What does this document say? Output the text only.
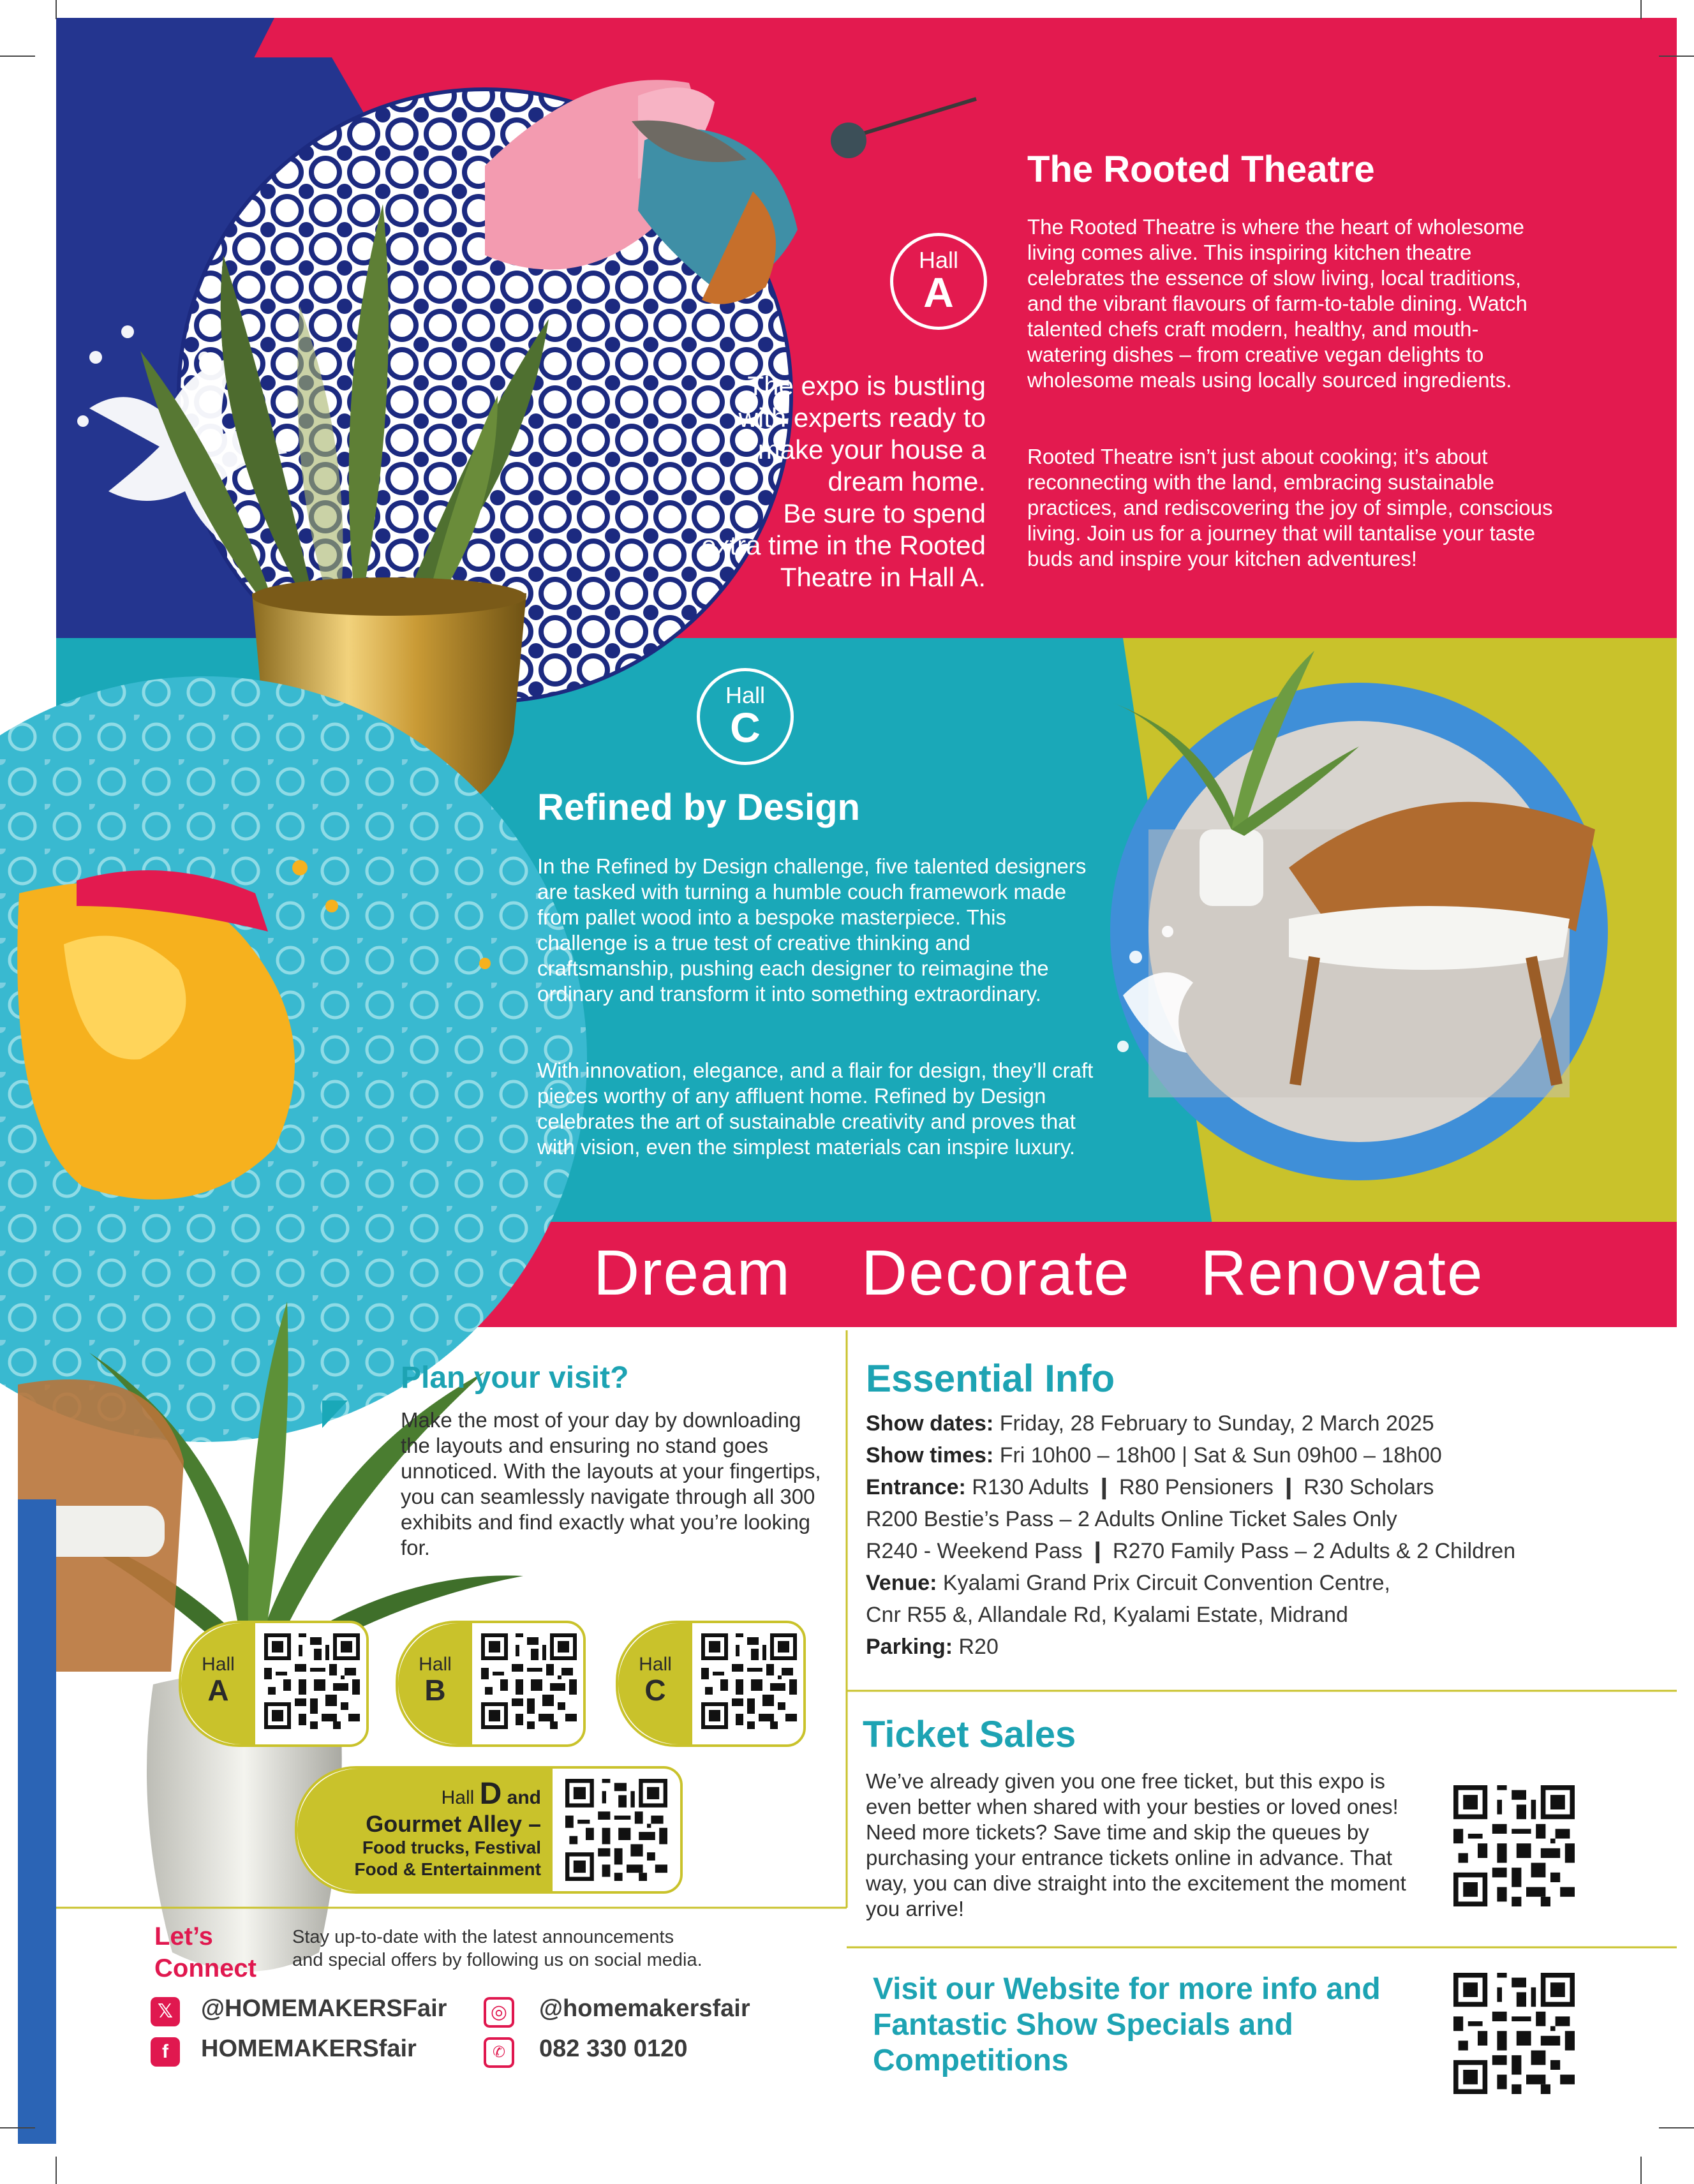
Hall
A
The Rooted Theatre
The Rooted Theatre is where the heart of wholesome living comes alive. This inspiring kitchen theatre celebrates the essence of slow living, local traditions, and the vibrant flavours of farm-to-table dining. Watch talented chefs craft modern, healthy, and mouth-watering dishes – from creative vegan delights to wholesome meals using locally sourced ingredients.
Rooted Theatre isn’t just about cooking; it’s about reconnecting with the land, embracing sustainable practices, and rediscovering the joy of simple, conscious living. Join us for a journey that will tantalise your taste buds and inspire your kitchen adventures!
The expo is bustling
with experts ready to
make your house a
dream home.
Be sure to spend
extra time in the Rooted
Theatre in Hall A.
Hall
C
Refined by Design
In the Refined by Design challenge, five talented designers are tasked with turning a humble couch framework made from pallet wood into a bespoke masterpiece. This challenge is a true test of creative thinking and craftsmanship, pushing each designer to reimagine the ordinary and transform it into something extraordinary.
With innovation, elegance, and a flair for design, they’ll craft pieces worthy of any affluent home. Refined by Design celebrates the art of sustainable creativity and proves that with vision, even the simplest materials can inspire luxury.
Dream Decorate Renovate
Plan your visit?
Make the most of your day by downloading the layouts and ensuring no stand goes unnoticed. With the layouts at your fingertips, you can seamlessly navigate through all 300 exhibits and find exactly what you’re looking for.
Hall
A
Hall
B
Hall
C
Hall D and
Gourmet Alley –
Food trucks, Festival
Food & Entertainment
Essential Info
Show dates: Friday, 28 February to Sunday, 2 March 2025
Show times: Fri 10h00 – 18h00 | Sat & Sun 09h00 – 18h00
Entrance: R130 Adults ❙ R80 Pensioners ❙ R30 Scholars
R200 Bestie’s Pass – 2 Adults Online Ticket Sales Only
R240 - Weekend Pass ❙ R270 Family Pass – 2 Adults & 2 Children
Venue: Kyalami Grand Prix Circuit Convention Centre,
Cnr R55 &, Allandale Rd, Kyalami Estate, Midrand
Parking: R20
Ticket Sales
We’ve already given you one free ticket, but this expo is even better when shared with your besties or loved ones! Need more tickets? Save time and skip the queues by purchasing your entrance tickets online in advance. That way, you can dive straight into the excitement the moment you arrive!
Visit our Website for more info and
Fantastic Show Specials and
Competitions
Let’s
Connect
Stay up-to-date with the latest announcements
and special offers by following us on social media.
𝕏 @HOMEMAKERSFair
f	HOMEMAKERSfair
◎ @homemakersfair
✆	082 330 0120
